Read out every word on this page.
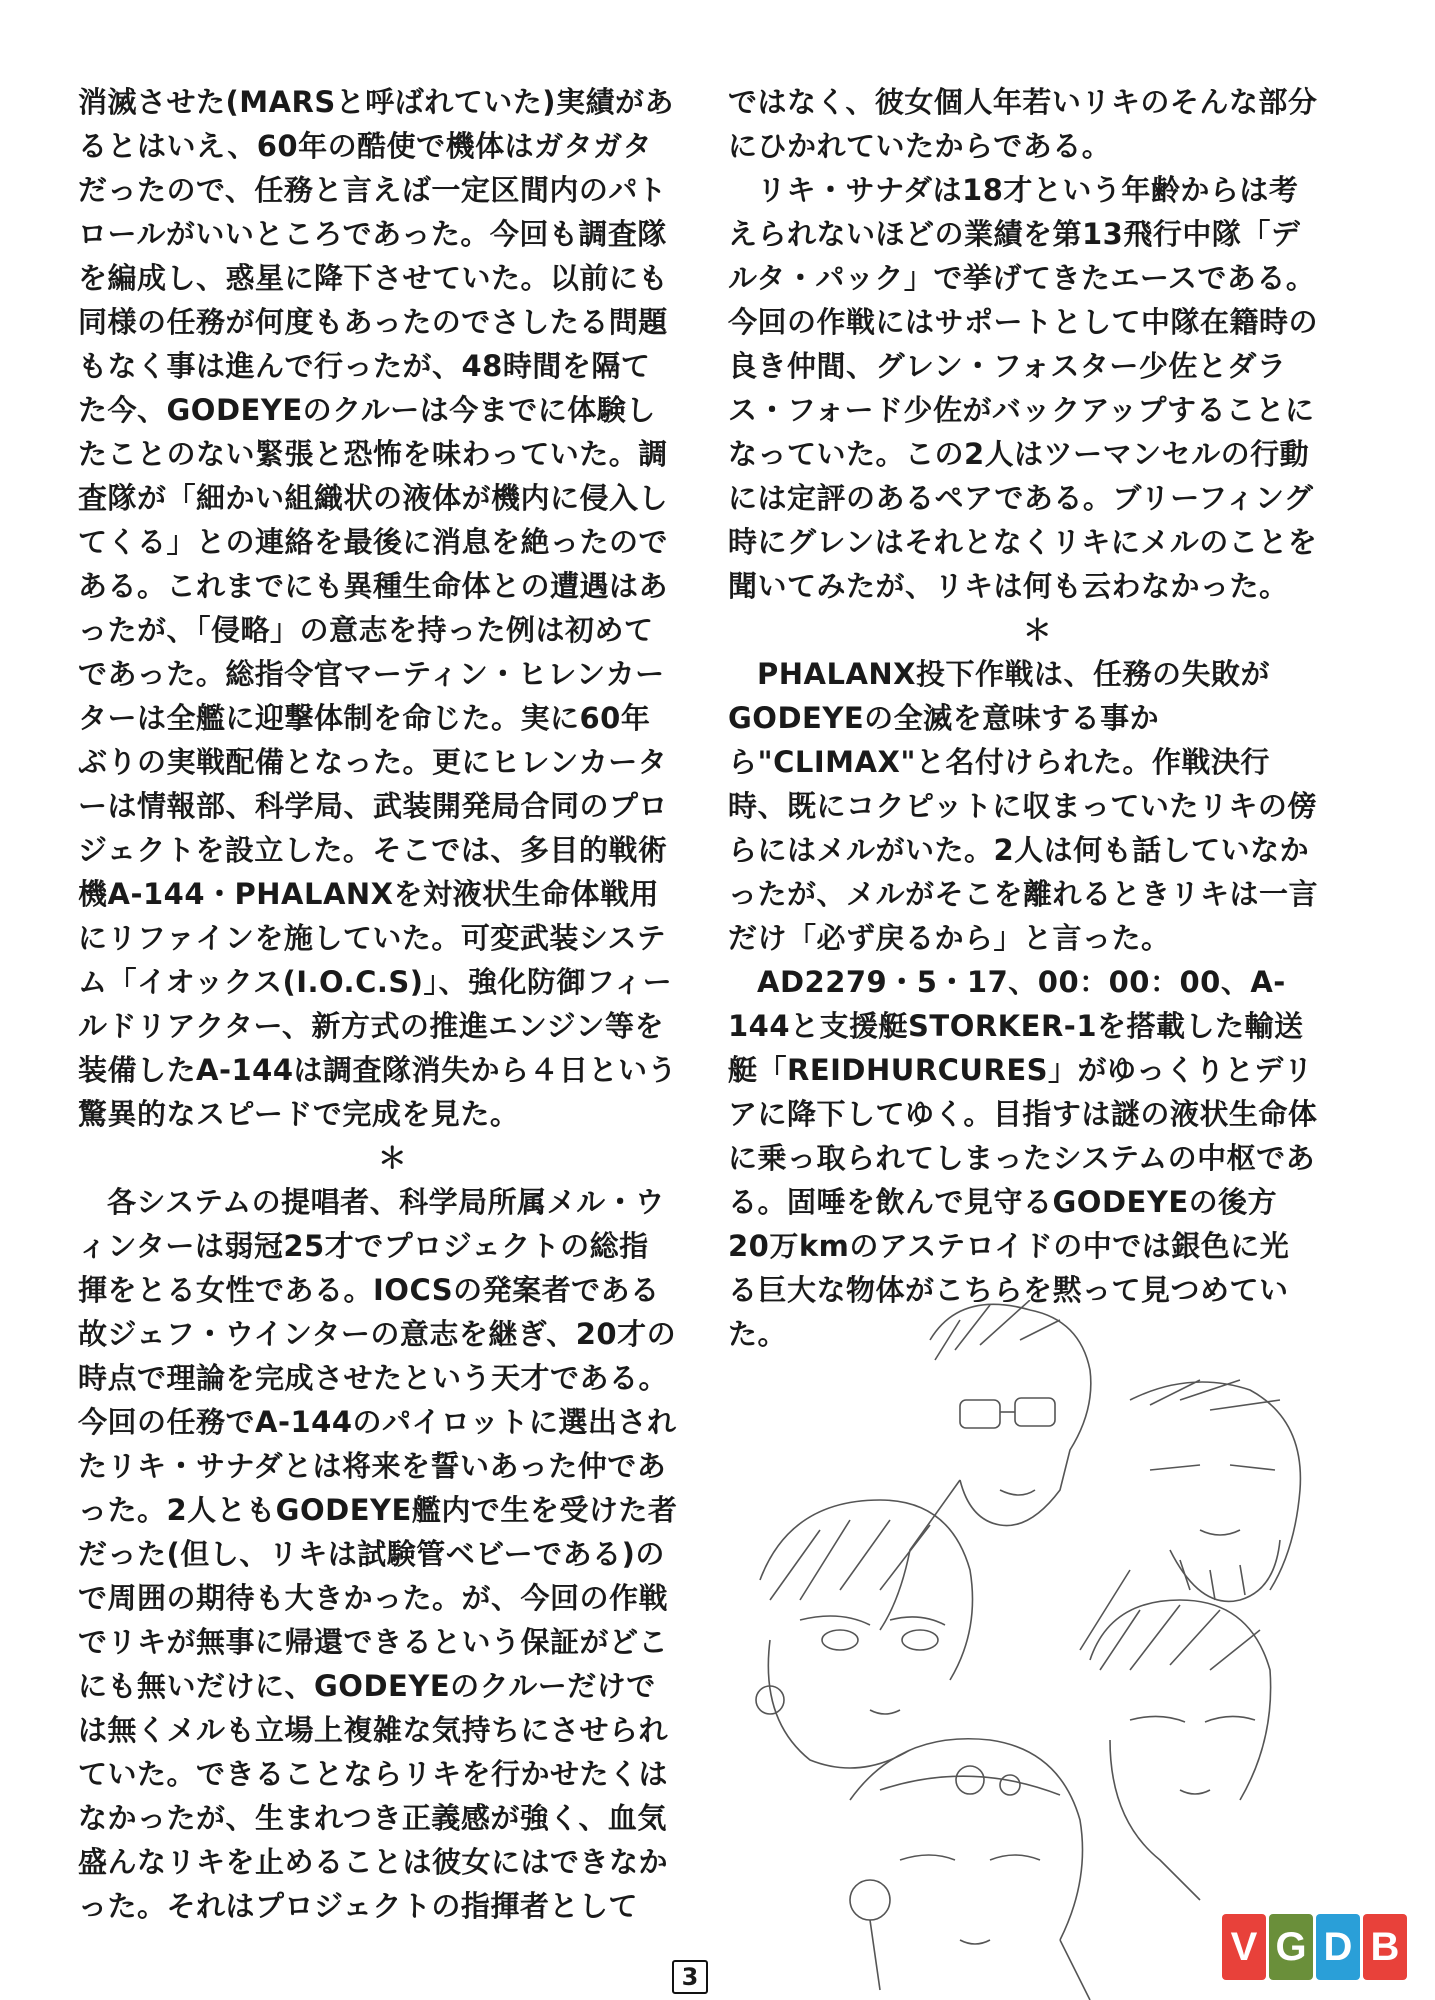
消滅させた(MARSと呼ばれていた)実績があるとはいえ、60年の酷使で機体はガタガタだったので、任務と言えば一定区間内のパトロールがいいところであった。今回も調査隊を編成し、惑星に降下させていた。以前にも同様の任務が何度もあったのでさしたる問題もなく事は進んで行ったが、48時間を隔てた今、GODEYEのクルーは今までに体験したことのない緊張と恐怖を味わっていた。調査隊が「細かい組織状の液体が機内に侵入してくる」との連絡を最後に消息を絶ったのである。これまでにも異種生命体との遭遇はあったが、「侵略」の意志を持った例は初めてであった。総指令官マーティン・ヒレンカーターは全艦に迎撃体制を命じた。実に60年ぶりの実戦配備となった。更にヒレンカーターは情報部、科学局、武装開発局合同のプロジェクトを設立した。そこでは、多目的戦術機A-144・PHALANXを対液状生命体戦用にリファインを施していた。可変武装システム「イオックス(I.O.C.S)」、強化防御フィールドリアクター、新方式の推進エンジン等を装備したA-144は調査隊消失から４日という驚異的なスピードで完成を見た。

＊

各システムの提唱者、科学局所属メル・ウィンターは弱冠25才でプロジェクトの総指揮をとる女性である。IOCSの発案者である故ジェフ・ウインターの意志を継ぎ、20才の時点で理論を完成させたという天才である。今回の任務でA-144のパイロットに選出されたリキ・サナダとは将来を誓いあった仲であった。2人ともGODEYE艦内で生を受けた者だった(但し、リキは試験管ベビーである)ので周囲の期待も大きかった。が、今回の作戦でリキが無事に帰還できるという保証がどこにも無いだけに、GODEYEのクルーだけでは無くメルも立場上複雑な気持ちにさせられていた。できることならリキを行かせたくはなかったが、生まれつき正義感が強く、血気盛んなリキを止めることは彼女にはできなかった。それはプロジェクトの指揮者として

ではなく、彼女個人年若いリキのそんな部分にひかれていたからである。

リキ・サナダは18才という年齢からは考えられないほどの業績を第13飛行中隊「デルタ・パック」で挙げてきたエースである。今回の作戦にはサポートとして中隊在籍時の良き仲間、グレン・フォスター少佐とダラス・フォード少佐がバックアップすることになっていた。この2人はツーマンセルの行動には定評のあるペアである。ブリーフィング時にグレンはそれとなくリキにメルのことを聞いてみたが、リキは何も云わなかった。

＊

PHALANX投下作戦は、任務の失敗がGODEYEの全滅を意味する事から"CLIMAX"と名付けられた。作戦決行時、既にコクピットに収まっていたリキの傍らにはメルがいた。2人は何も話していなかったが、メルがそこを離れるときリキは一言だけ「必ず戻るから」と言った。

AD2279・5・17、00：00：00、A-144と支援艇STORKER-1を搭載した輸送艇「REIDHURCURES」がゆっくりとデリアに降下してゆく。目指すは謎の液状生命体に乗っ取られてしまったシステムの中枢である。固唾を飲んで見守るGODEYEの後方20万kmのアステロイドの中では銀色に光る巨大な物体がこちらを黙って見つめていた。

3
V G D B
